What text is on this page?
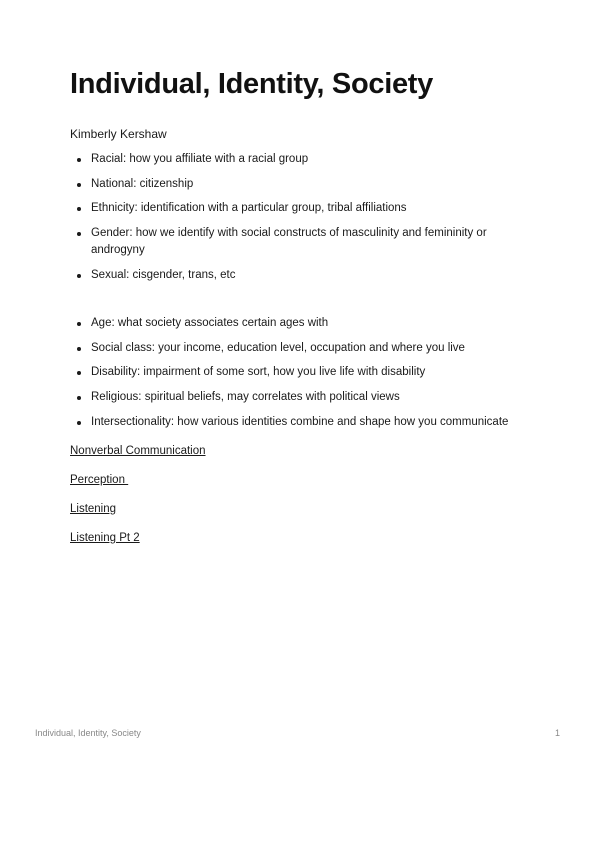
Individual, Identity, Society
Kimberly Kershaw
Racial: how you affiliate with a racial group
National: citizenship
Ethnicity: identification with a particular group, tribal affiliations
Gender: how we identify with social constructs of masculinity and femininity or androgyny
Sexual: cisgender, trans, etc
Age: what society associates certain ages with
Social class: your income, education level, occupation and where you live
Disability: impairment of some sort, how you live life with disability
Religious: spiritual beliefs, may correlates with political views
Intersectionality: how various identities combine and shape how you communicate
Nonverbal Communication
Perception
Listening
Listening Pt 2
Individual, Identity, Society	1
